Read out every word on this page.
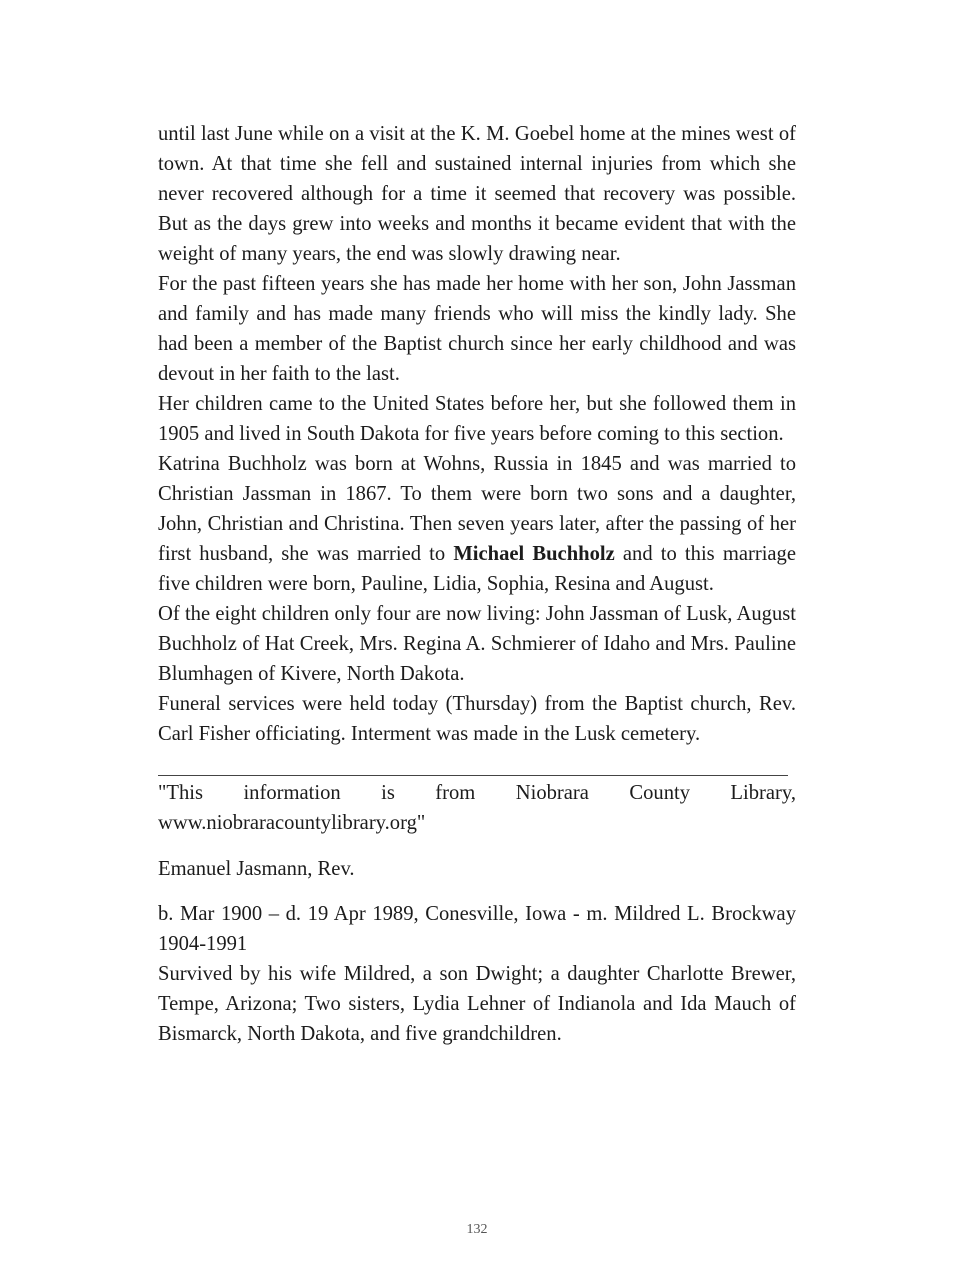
until last June while on a visit at the K. M. Goebel home at the mines west of town. At that time she fell and sustained internal injuries from which she never recovered although for a time it seemed that recovery was possible. But as the days grew into weeks and months it became evident that with the weight of many years, the end was slowly drawing near.

For the past fifteen years she has made her home with her son, John Jassman and family and has made many friends who will miss the kindly lady. She had been a member of the Baptist church since her early childhood and was devout in her faith to the last.

Her children came to the United States before her, but she followed them in 1905 and lived in South Dakota for five years before coming to this section.

Katrina Buchholz was born at Wohns, Russia in 1845 and was married to Christian Jassman in 1867. To them were born two sons and a daughter, John, Christian and Christina. Then seven years later, after the passing of her first husband, she was married to Michael Buchholz and to this marriage five children were born, Pauline, Lidia, Sophia, Resina and August.

Of the eight children only four are now living: John Jassman of Lusk, August Buchholz of Hat Creek, Mrs. Regina A. Schmierer of Idaho and Mrs. Pauline Blumhagen of Kivere, North Dakota.

Funeral services were held today (Thursday) from the Baptist church, Rev. Carl Fisher officiating. Interment was made in the Lusk cemetery.

"This information is from Niobrara County Library,
www.niobraracountylibrary.org"

Emanuel Jasmann, Rev.

b. Mar 1900 – d. 19 Apr 1989, Conesville, Iowa - m. Mildred L. Brockway 1904-1991

Survived by his wife Mildred, a son Dwight; a daughter Charlotte Brewer, Tempe, Arizona; Two sisters, Lydia Lehner of Indianola and Ida Mauch of Bismarck, North Dakota, and five grandchildren.

132
